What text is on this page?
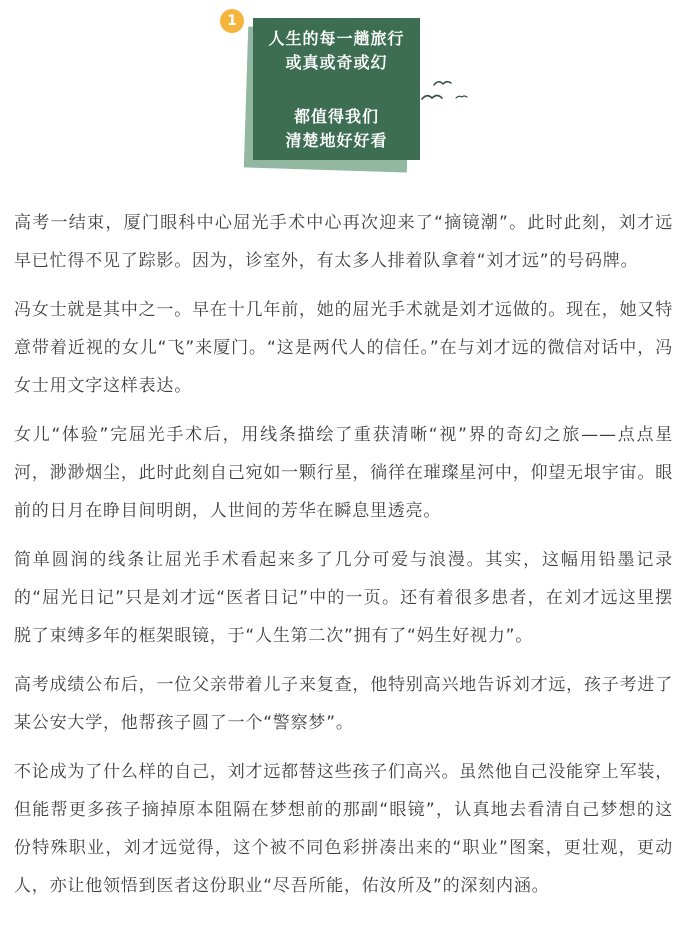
人生的每一趟旅行
或真或奇或幻
都值得我们
清楚地好好看
1

高考一结束，厦门眼科中心屈光手术中心再次迎来了“摘镜潮”。此时此刻，刘才远早已忙得不见了踪影。因为，诊室外，有太多人排着队拿着“刘才远”的号码牌。

冯女士就是其中之一。早在十几年前，她的屈光手术就是刘才远做的。现在，她又特意带着近视的女儿“飞”来厦门。“这是两代人的信任。”在与刘才远的微信对话中，冯女士用文字这样表达。

女儿“体验”完屈光手术后，用线条描绘了重获清晰“视”界的奇幻之旅——点点星河，渺渺烟尘，此时此刻自己宛如一颗行星，徜徉在璀璨星河中，仰望无垠宇宙。眼前的日月在睁目间明朗，人世间的芳华在瞬息里透亮。

简单圆润的线条让屈光手术看起来多了几分可爱与浪漫。其实，这幅用铅墨记录的“屈光日记”只是刘才远“医者日记”中的一页。还有着很多患者，在刘才远这里摆脱了束缚多年的框架眼镜，于“人生第二次”拥有了“妈生好视力”。

高考成绩公布后，一位父亲带着儿子来复查，他特别高兴地告诉刘才远，孩子考进了某公安大学，他帮孩子圆了一个“警察梦”。

不论成为了什么样的自己，刘才远都替这些孩子们高兴。虽然他自己没能穿上军装，但能帮更多孩子摘掉原本阻隔在梦想前的那副“眼镜”，认真地去看清自己梦想的这份特殊职业，刘才远觉得，这个被不同色彩拼凑出来的“职业”图案，更壮观，更动人，亦让他领悟到医者这份职业“尽吾所能，佑汝所及”的深刻内涵。
